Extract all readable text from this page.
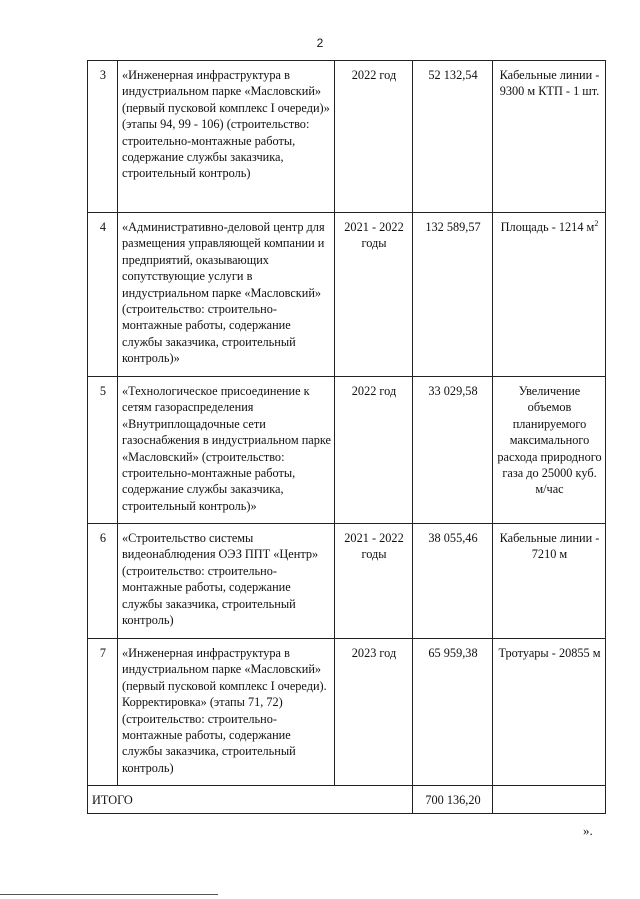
2
3	«Инженерная инфраструктура в индустриальном парке «Масловский» (первый пусковой комплекс I очереди)» (этапы 94, 99 - 106) (строительство: строительно-монтажные работы, содержание службы заказчика, строительный контроль)	2022 год	52 132,54	Кабельные линии - 9300 м КТП - 1 шт.
4	«Административно-деловой центр для размещения управляющей компании и предприятий, оказывающих сопутствующие услуги в индустриальном парке «Масловский» (строительство: строительно-монтажные работы, содержание службы заказчика, строительный контроль)»	2021 - 2022 годы	132 589,57	Площадь - 1214 $м^2$
5	«Технологическое присоединение к сетям газораспределения «Внутриплощадочные сети газоснабжения в индустриальном парке «Масловский» (строительство: строительно-монтажные работы, содержание службы заказчика, строительный контроль)»	2022 год	33 029,58	Увеличение объемов планируемого максимального расхода природного газа до 25000 куб. м/час
6	«Строительство системы видеонаблюдения ОЭЗ ППТ «Центр» (строительство: строительно-монтажные работы, содержание службы заказчика, строительный контроль)	2021 - 2022 годы	38 055,46	Кабельные линии - 7210 м
7	«Инженерная инфраструктура в индустриальном парке «Масловский» (первый пусковой комплекс I очереди). Корректировка» (этапы 71, 72) (строительство: строительно-монтажные работы, содержание службы заказчика, строительный контроль)	2023 год	65 959,38	Тротуары - 20855 м
ИТОГО			700 136,20	
».
